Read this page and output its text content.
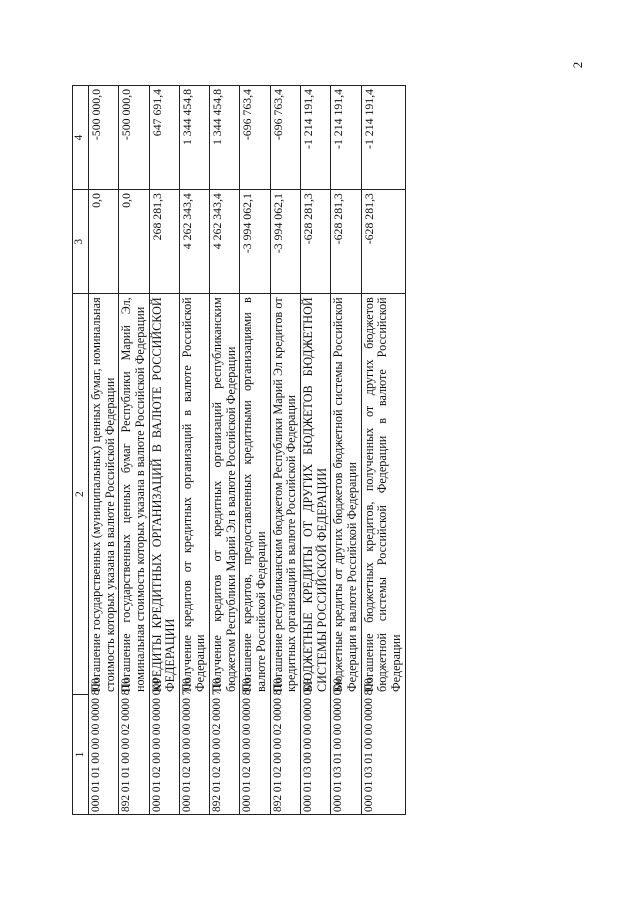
2
1
2	3	4

000 01 01 00 00 00 0000 800
Погашение государственных (муниципальных) ценных бумаг, номинальная стоимость которых указана в валюте Российской Федерации	0,0	-500 000,0

892 01 01 00 00 02 0000 810
Погашение государственных ценных бумаг Республики Марий Эл, номинальная стоимость которых указана в валюте Российской Федерации	0,0	-500 000,0

000 01 02 00 00 00 0000 000
КРЕДИТЫ КРЕДИТНЫХ ОРГАНИЗАЦИЙ В ВАЛЮТЕ РОССИЙСКОЙ ФЕДЕРАЦИИ	268 281,3	647 691,4

000 01 02 00 00 00 0000 700
Получение кредитов от кредитных организаций в валюте Российской Федерации	4 262 343,4	1 344 454,8

892 01 02 00 00 02 0000 710
Получение кредитов от кредитных организаций республиканским бюджетом Республики Марий Эл в валюте Российской Федерации	4 262 343,4	1 344 454,8

000 01 02 00 00 00 0000 800
Погашение кредитов, предоставленных кредитными организациями в валюте Российской Федерации	-3 994 062,1	-696 763,4

892 01 02 00 00 02 0000 810
Погашение республиканским бюджетом Республики Марий Эл кредитов от кредитных организаций в валюте Российской Федерации	-3 994 062,1	-696 763,4

000 01 03 00 00 00 0000 000
БЮДЖЕТНЫЕ КРЕДИТЫ ОТ ДРУГИХ БЮДЖЕТОВ БЮДЖЕТНОЙ СИСТЕМЫ РОССИЙСКОЙ ФЕДЕРАЦИИ	-628 281,3	-1 214 191,4

000 01 03 01 00 00 0000 000
Бюджетные кредиты от других бюджетов бюджетной системы Российской Федерации в валюте Российской Федерации	-628 281,3	-1 214 191,4

000 01 03 01 00 00 0000 800
Погашение бюджетных кредитов, полученных от других бюджетов бюджетной системы Российской Федерации в валюте Российской Федерации	-628 281,3	-1 214 191,4
